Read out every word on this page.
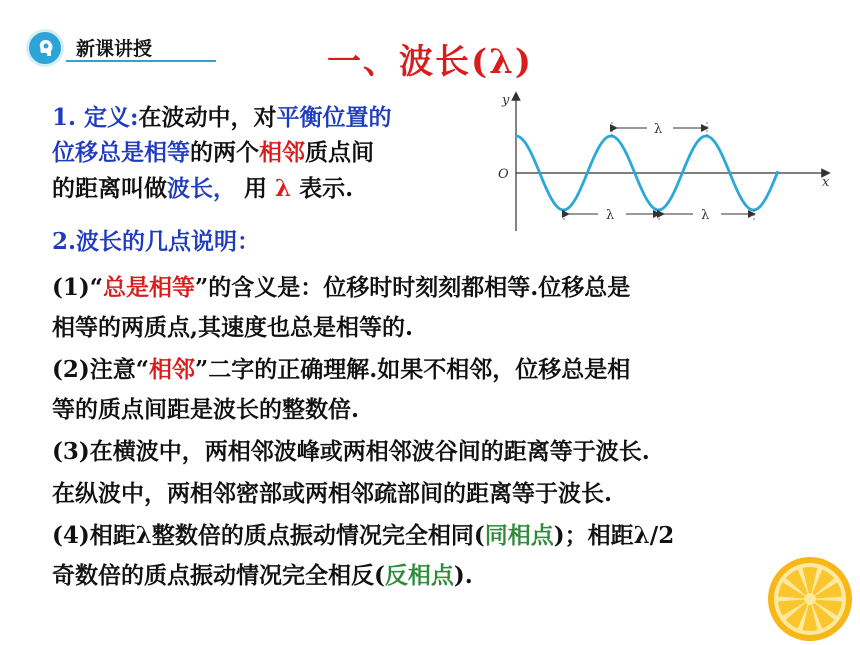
新课讲授	一、波长(λ)
1. 定义:在波动中，对平衡位置的
位移总是相等的两个相邻质点间
的距离叫做波长， 用 λ 表示.
2.波长的几点说明：
(1)“总是相等”的含义是：位移时时刻刻都相等.位移总是
相等的两质点,其速度也总是相等的.
(2)注意“相邻”二字的正确理解.如果不相邻，位移总是相
等的质点间距是波长的整数倍.
(3)在横波中，两相邻波峰或两相邻波谷间的距离等于波长.
在纵波中，两相邻密部或两相邻疏部间的距离等于波长.
(4)相距λ整数倍的质点振动情况完全相同(同相点)；相距λ/2
奇数倍的质点振动情况完全相反(反相点).
y
x
O
λ
λ	λ
